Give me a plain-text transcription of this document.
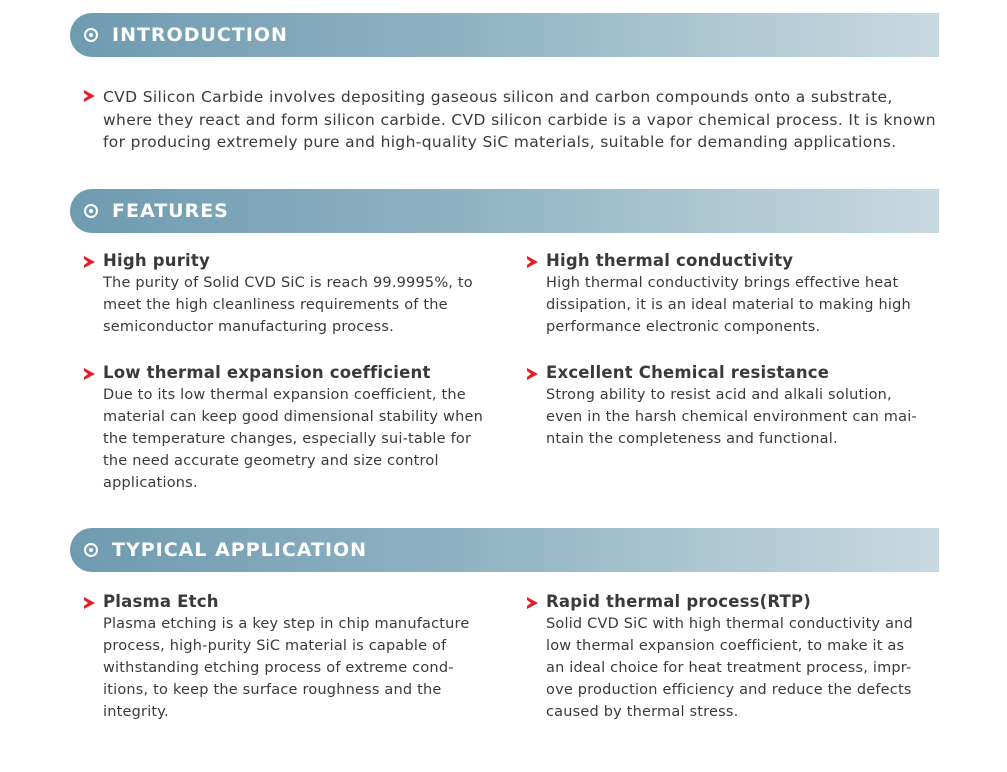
INTRODUCTION
CVD Silicon Carbide involves depositing gaseous silicon and carbon compounds onto a substrate, where they react and form silicon carbide. CVD silicon carbide is a vapor chemical process. It is known for producing extremely pure and high-quality SiC materials, suitable for demanding applications.
FEATURES
High purity

The purity of Solid CVD SiC is reach 99.9995%, to meet the high cleanliness requirements of the semiconductor manufacturing process.

High thermal conductivity

High thermal conductivity brings effective heat dissipation, it is an ideal material to making high performance electronic components.

Low thermal expansion coefficient

Due to its low thermal expansion coefficient, the material can keep good dimensional stability when the temperature changes, especially sui-table for the need accurate geometry and size control applications.

Excellent Chemical resistance

Strong ability to resist acid and alkali solution, even in the harsh chemical environment can mai-ntain the completeness and functional.

TYPICAL APPLICATION
Plasma Etch

Plasma etching is a key step in chip manufacture process, high-purity SiC material is capable of withstanding etching process of extreme cond-itions, to keep the surface roughness and the integrity.

Rapid thermal process(RTP)

Solid CVD SiC with high thermal conductivity and low thermal expansion coefficient, to make it as an ideal choice for heat treatment process, impr-ove production efficiency and reduce the defects caused by thermal stress.
